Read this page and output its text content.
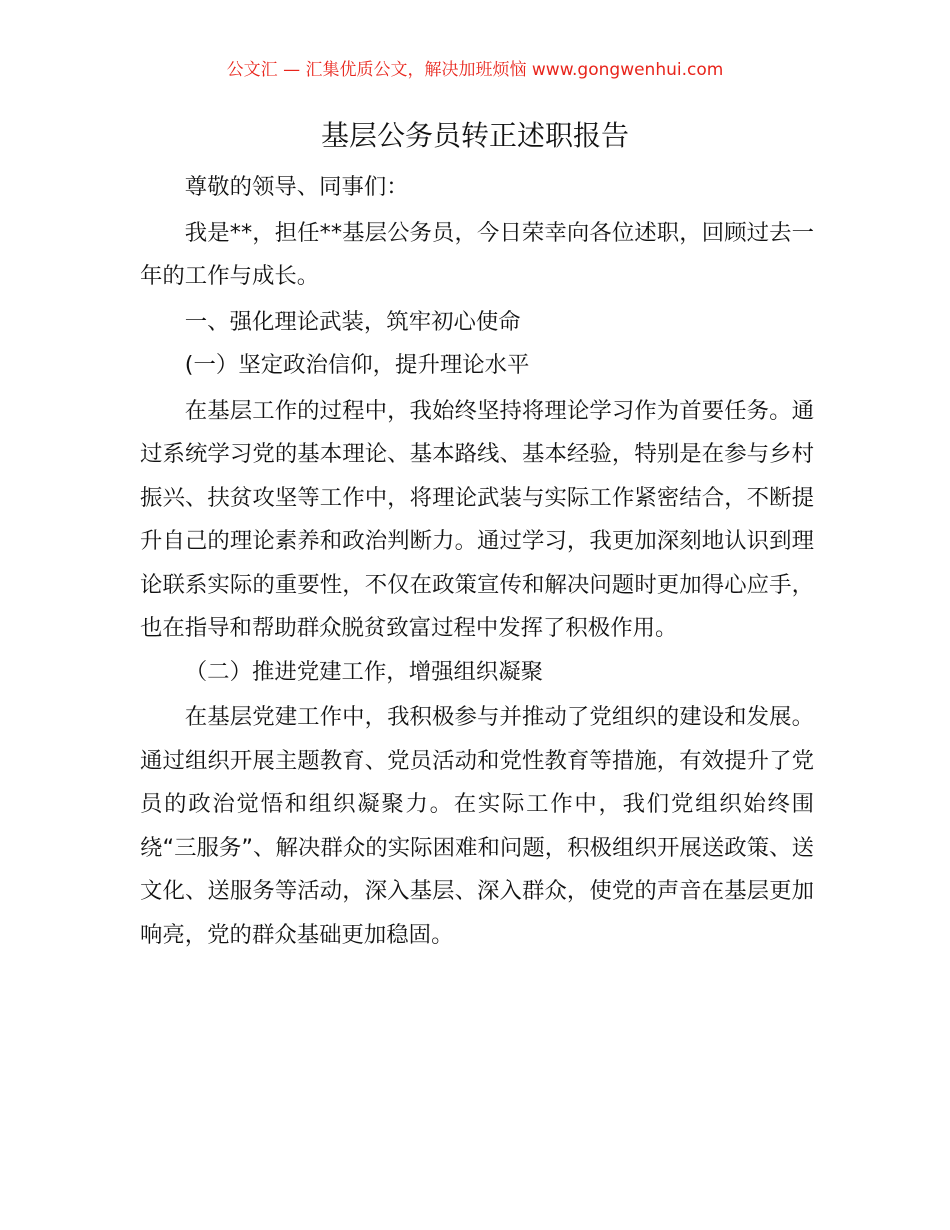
公文汇 — 汇集优质公文，解决加班烦恼 www.gongwenhui.com
基层公务员转正述职报告

尊敬的领导、同事们：

我是**，担任**基层公务员，今日荣幸向各位述职，回顾过去一年的工作与成长。

一、强化理论武装，筑牢初心使命

(一）坚定政治信仰，提升理论水平

在基层工作的过程中，我始终坚持将理论学习作为首要任务。通过系统学习党的基本理论、基本路线、基本经验，特别是在参与乡村振兴、扶贫攻坚等工作中，将理论武装与实际工作紧密结合，不断提升自己的理论素养和政治判断力。通过学习，我更加深刻地认识到理论联系实际的重要性，不仅在政策宣传和解决问题时更加得心应手，也在指导和帮助群众脱贫致富过程中发挥了积极作用。

（二）推进党建工作，增强组织凝聚

在基层党建工作中，我积极参与并推动了党组织的建设和发展。通过组织开展主题教育、党员活动和党性教育等措施，有效提升了党员的政治觉悟和组织凝聚力。在实际工作中，我们党组织始终围绕“三服务”、解决群众的实际困难和问题，积极组织开展送政策、送文化、送服务等活动，深入基层、深入群众，使党的声音在基层更加响亮，党的群众基础更加稳固。
